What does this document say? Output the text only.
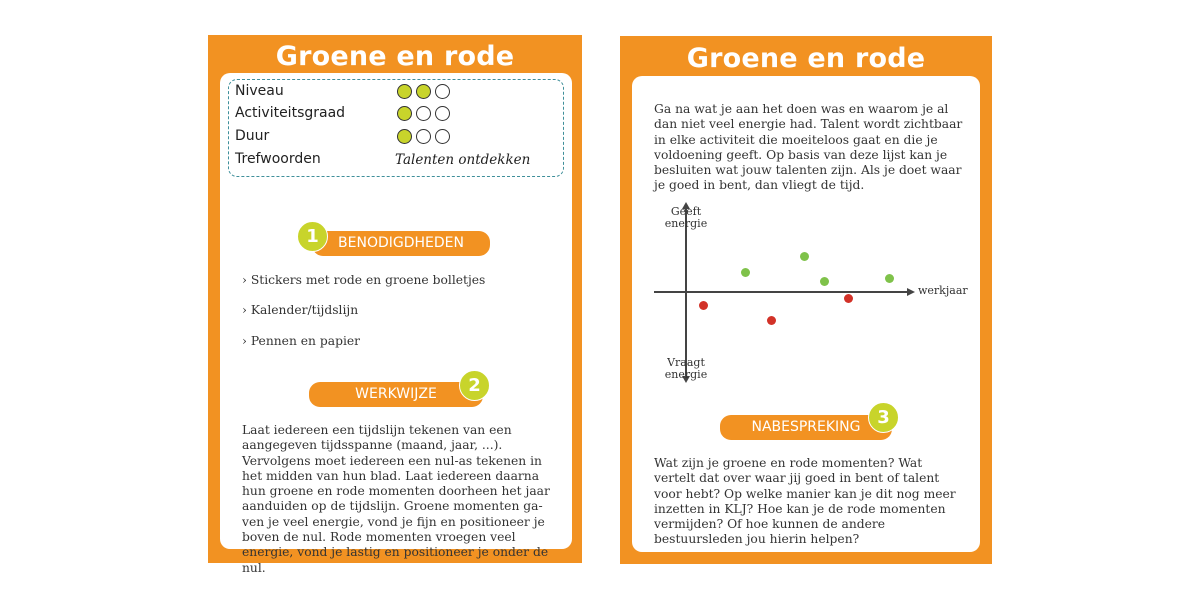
Groene en rode
Niveau
Activiteitsgraad
Duur
Trefwoorden	Talenten ontdekken
BENODIGDHEDEN
1
› Stickers met rode en groene bolletjes
› Kalender/tijdslijn
› Pennen en papier
WERKWIJZE	2

Laat iedereen een tijdslijn tekenen van een aangegeven tijdsspanne (maand, jaar, ...). Vervolgens moet iedereen een nul-as tekenen in het midden van hun blad. Laat iedereen daarna hun groene en rode momenten doorheen het jaar aanduiden op de tijdslijn. Groene momenten ga-ven je veel energie, vond je fijn en positioneer je boven de nul. Rode momenten vroegen veel energie, vond je lastig en positioneer je onder de nul.

Groene en rode

Ga na wat je aan het doen was en waarom je al dan niet veel energie had. Talent wordt zichtbaar in elke activiteit die moeiteloos gaat en die je voldoening geeft. Op basis van deze lijst kan je besluiten wat jouw talenten zijn. Als je doet waar je goed in bent, dan vliegt de tijd.

Geeft energie
Vraagt energie
werkjaar
NABESPREKING 3

Wat zijn je groene en rode momenten? Wat vertelt dat over waar jij goed in bent of talent voor hebt? Op welke manier kan je dit nog meer inzetten in KLJ? Hoe kan je de rode momenten vermijden? Of hoe kunnen de andere bestuursleden jou hierin helpen?
